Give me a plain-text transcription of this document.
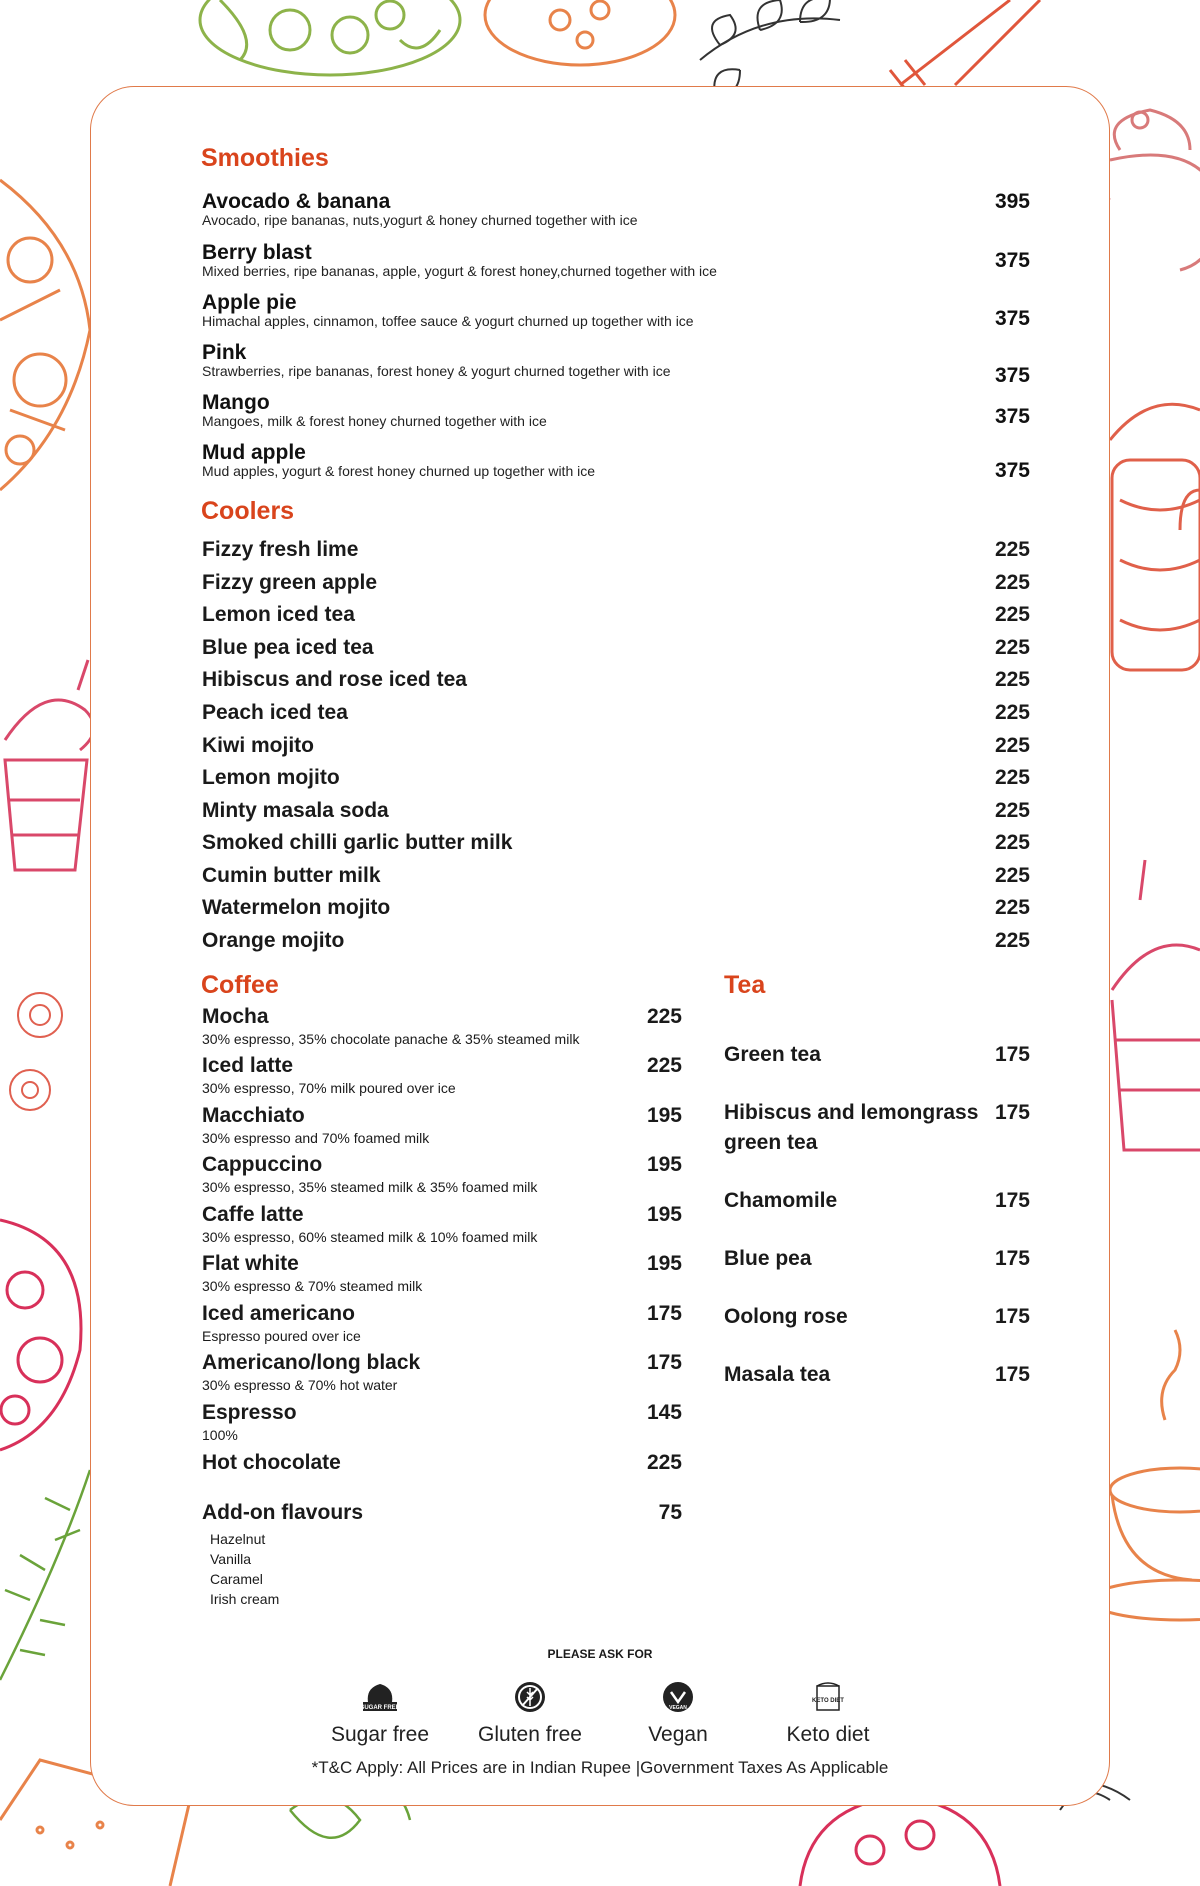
Smoothies
Avocado & banana
Avocado, ripe bananas, nuts,yogurt & honey churned together with ice
395
Berry blast
Mixed berries, ripe bananas, apple, yogurt & forest honey,churned together with ice	375
Apple pie
Himachal apples, cinnamon, toffee sauce & yogurt churned up together with ice	375
Pink
Strawberries, ripe bananas, forest honey & yogurt churned together with ice	375
Mango
Mangoes, milk & forest honey churned together with ice	375
Mud apple
Mud apples, yogurt & forest honey churned up together with ice	375
Coolers
Fizzy fresh lime	225
Fizzy green apple	225
Lemon iced tea	225
Blue pea iced tea	225
Hibiscus and rose iced tea	225
Peach iced tea	225
Kiwi mojito	225
Lemon mojito	225
Minty masala soda	225
Smoked chilli garlic butter milk	225
Cumin butter milk	225
Watermelon mojito	225
Orange mojito	225
Coffee
Mocha
30% espresso, 35% chocolate panache & 35% steamed milk
225
Iced latte
30% espresso, 70% milk poured over ice
225
Macchiato
30% espresso and 70% foamed milk
195
Cappuccino
30% espresso, 35% steamed milk & 35% foamed milk
195
Caffe latte
30% espresso, 60% steamed milk & 10% foamed milk
195
Flat white
30% espresso & 70% steamed milk
195
Iced americano
Espresso poured over ice
175
Americano/long black
30% espresso & 70% hot water
175
Espresso
100%
145
Hot chocolate	225
Add-on flavours	75
Hazelnut
Vanilla
Caramel
Irish cream
Tea
Green tea	175
Hibiscus and lemongrass green tea
175
Chamomile	175
Blue pea	175
Oolong rose	175
Masala tea	175
PLEASE ASK FOR
SUGAR FREE
Sugar free	Gluten free
VEGAN
Vegan
KETO DIET
Keto diet
*T&C Apply: All Prices are in Indian Rupee |Government Taxes As Applicable
